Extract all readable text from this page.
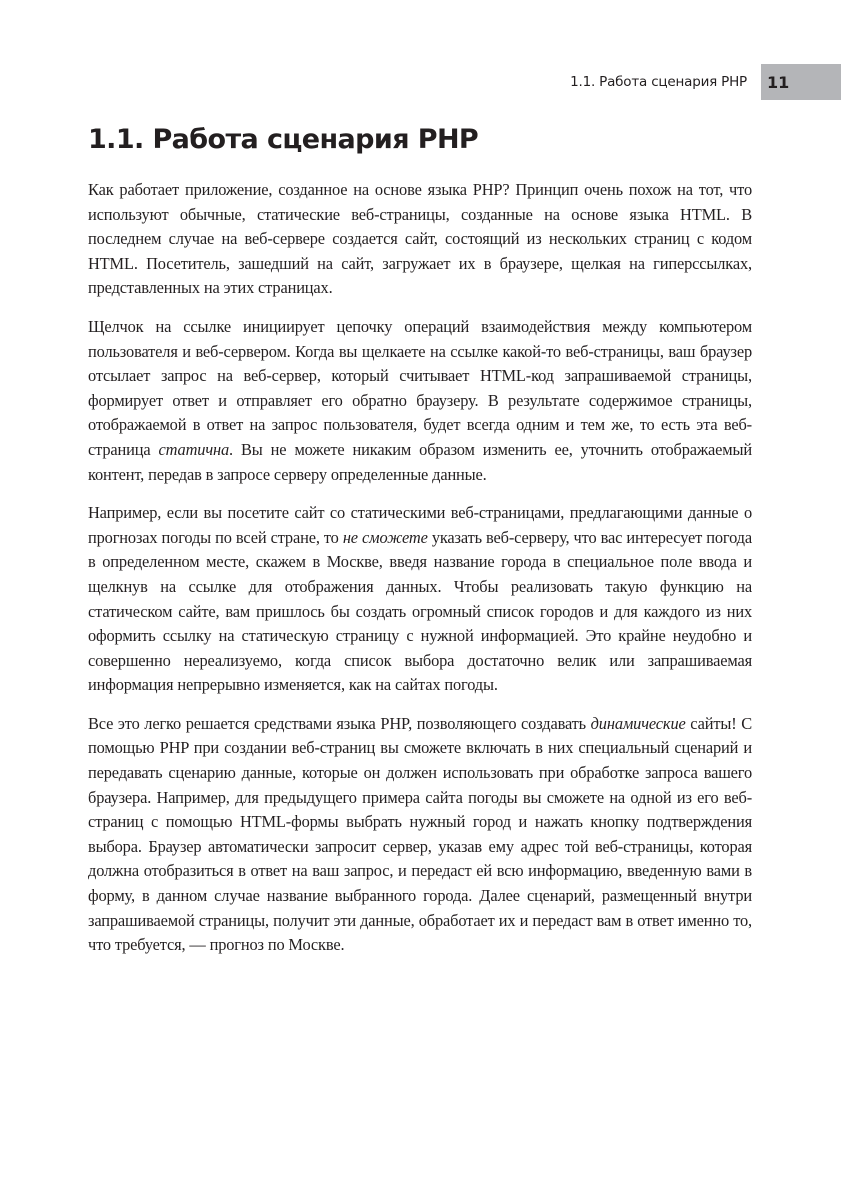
1.1. Работа сценария PHP 11
1.1. Работа сценария PHP

Как работает приложение, созданное на основе языка PHP? Принцип очень похож на тот, что используют обычные, статические веб-страницы, созданные на основе языка HTML. В последнем случае на веб-сервере создается сайт, состоящий из нескольких страниц с кодом HTML. Посетитель, зашедший на сайт, загружает их в браузере, щелкая на гиперссылках, представленных на этих страницах.

Щелчок на ссылке инициирует цепочку операций взаимодействия между компьютером пользователя и веб-сервером. Когда вы щелкаете на ссылке какой-то веб-страницы, ваш браузер отсылает запрос на веб-сервер, который считывает HTML-код запрашиваемой страницы, формирует ответ и отправляет его обратно браузеру. В результате содержимое страницы, отображаемой в ответ на запрос пользователя, будет всегда одним и тем же, то есть эта веб-страница статична. Вы не можете никаким образом изменить ее, уточнить отображаемый контент, передав в запросе серверу определенные данные.

Например, если вы посетите сайт со статическими веб-страницами, предлагающими данные о прогнозах погоды по всей стране, то не сможете указать веб-серверу, что вас интересует погода в определенном месте, скажем в Москве, введя название города в специальное поле ввода и щелкнув на ссылке для отображения данных. Чтобы реализовать такую функцию на статическом сайте, вам пришлось бы создать огромный список городов и для каждого из них оформить ссылку на статическую страницу с нужной информацией. Это крайне неудобно и совершенно нереализуемо, когда список выбора достаточно велик или запрашиваемая информация непрерывно изменяется, как на сайтах погоды.

Все это легко решается средствами языка PHP, позволяющего создавать динамические сайты! С помощью PHP при создании веб-страниц вы сможете включать в них специальный сценарий и передавать сценарию данные, которые он должен использовать при обработке запроса вашего браузера. Например, для предыдущего примера сайта погоды вы сможете на одной из его веб-страниц с помощью HTML-формы выбрать нужный город и нажать кнопку подтверждения выбора. Браузер автоматически запросит сервер, указав ему адрес той веб-страницы, которая должна отобразиться в ответ на ваш запрос, и передаст ей всю информацию, введенную вами в форму, в данном случае название выбранного города. Далее сценарий, размещенный внутри запрашиваемой страницы, получит эти данные, обработает их и передаст вам в ответ именно то, что требуется, — прогноз по Москве.
